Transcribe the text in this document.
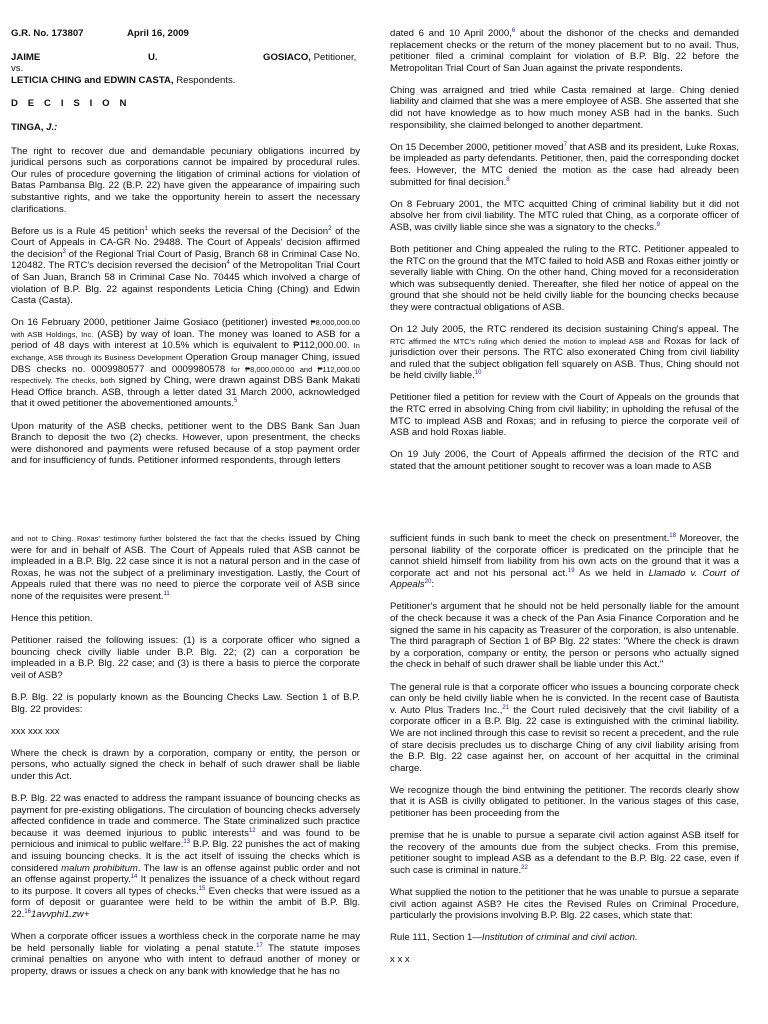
G.R. No. 173807	April 16, 2009
JAIME	U.	GOSIACO, Petitioner,
vs.
LETICIA CHING and EDWIN CASTA, Respondents.
D E C I S I O N
TINGA, J.:

The right to recover due and demandable pecuniary obligations incurred by juridical persons such as corporations cannot be impaired by procedural rules. Our rules of procedure governing the litigation of criminal actions for violation of Batas Pambansa Blg. 22 (B.P. 22) have given the appearance of impairing such substantive rights, and we take the opportunity herein to assert the necessary clarifications.

Before us is a Rule 45 petition$^1$ which seeks the reversal of the Decision$^2$ of the Court of Appeals in CA-GR No. 29488. The Court of Appeals' decision affirmed the decision$^3$ of the Regional Trial Court of Pasig, Branch 68 in Criminal Case No. 120482. The RTC's decision reversed the decision$^4$ of the Metropolitan Trial Court of San Juan, Branch 58 in Criminal Case No. 70445 which involved a charge of violation of B.P. Blg. 22 against respondents Leticia Ching (Ching) and Edwin Casta (Casta).

On 16 February 2000, petitioner Jaime Gosiaco (petitioner) invested ₱8,000,000.00 with ASB Holdings, Inc. (ASB) by way of loan. The money was loaned to ASB for a period of 48 days with interest at 10.5% which is equivalent to ₱112,000.00. In exchange, ASB through its Business Development Operation Group manager Ching, issued DBS checks no. 0009980577 and 0009980578 for ₱8,000,000.00 and ₱112,000.00 respectively. The checks, both signed by Ching, were drawn against DBS Bank Makati Head Office branch. ASB, through a letter dated 31 March 2000, acknowledged that it owed petitioner the abovementioned amounts.$^5$

Upon maturity of the ASB checks, petitioner went to the DBS Bank San Juan Branch to deposit the two (2) checks. However, upon presentment, the checks were dishonored and payments were refused because of a stop payment order and for insufficiency of funds. Petitioner informed respondents, through letters

dated 6 and 10 April 2000,$^6$ about the dishonor of the checks and demanded replacement checks or the return of the money placement but to no avail. Thus, petitioner filed a criminal complaint for violation of B.P. Blg. 22 before the Metropolitan Trial Court of San Juan against the private respondents.

Ching was arraigned and tried while Casta remained at large. Ching denied liability and claimed that she was a mere employee of ASB. She asserted that she did not have knowledge as to how much money ASB had in the banks. Such responsibility, she claimed belonged to another department.

On 15 December 2000, petitioner moved$^7$ that ASB and its president, Luke Roxas, be impleaded as party defendants. Petitioner, then, paid the corresponding docket fees. However, the MTC denied the motion as the case had already been submitted for final decision.$^8$

On 8 February 2001, the MTC acquitted Ching of criminal liability but it did not absolve her from civil liability. The MTC ruled that Ching, as a corporate officer of ASB, was civilly liable since she was a signatory to the checks.$^9$

Both petitioner and Ching appealed the ruling to the RTC. Petitioner appealed to the RTC on the ground that the MTC failed to hold ASB and Roxas either jointly or severally liable with Ching. On the other hand, Ching moved for a reconsideration which was subsequently denied. Thereafter, she filed her notice of appeal on the ground that she should not be held civilly liable for the bouncing checks because they were contractual obligations of ASB.

On 12 July 2005, the RTC rendered its decision sustaining Ching's appeal. The RTC affirmed the MTC's ruling which denied the motion to implead ASB and Roxas for lack of jurisdiction over their persons. The RTC also exonerated Ching from civil liability and ruled that the subject obligation fell squarely on ASB. Thus, Ching should not be held civilly liable.$^{10}$

Petitioner filed a petition for review with the Court of Appeals on the grounds that the RTC erred in absolving Ching from civil liability; in upholding the refusal of the MTC to implead ASB and Roxas; and in refusing to pierce the corporate veil of ASB and hold Roxas liable.

On 19 July 2006, the Court of Appeals affirmed the decision of the RTC and stated that the amount petitioner sought to recover was a loan made to ASB

and not to Ching. Roxas' testimony further bolstered the fact that the checks issued by Ching were for and in behalf of ASB. The Court of Appeals ruled that ASB cannot be impleaded in a B.P. Blg. 22 case since it is not a natural person and in the case of Roxas, he was not the subject of a preliminary investigation. Lastly, the Court of Appeals ruled that there was no need to pierce the corporate veil of ASB since none of the requisites were present.$^{11}$

Hence this petition.

Petitioner raised the following issues: (1) is a corporate officer who signed a bouncing check civilly liable under B.P. Blg. 22; (2) can a corporation be impleaded in a B.P. Blg. 22 case; and (3) is there a basis to pierce the corporate veil of ASB?

B.P. Blg. 22 is popularly known as the Bouncing Checks Law. Section 1 of B.P. Blg. 22 provides:

xxx xxx xxx

Where the check is drawn by a corporation, company or entity, the person or persons, who actually signed the check in behalf of such drawer shall be liable under this Act.

B.P. Blg. 22 was enacted to address the rampant issuance of bouncing checks as payment for pre-existing obligations. The circulation of bouncing checks adversely affected confidence in trade and commerce. The State criminalized such practice because it was deemed injurious to public interests$^{12}$ and was found to be pernicious and inimical to public welfare.$^{13}$ B.P. Blg. 22 punishes the act of making and issuing bouncing checks. It is the act itself of issuing the checks which is considered malum prohibitum. The law is an offense against public order and not an offense against property.$^{14}$ It penalizes the issuance of a check without regard to its purpose. It covers all types of checks.$^{15}$ Even checks that were issued as a form of deposit or guarantee were held to be within the ambit of B.P. Blg. 22.161avvphi1.zw+

When a corporate officer issues a worthless check in the corporate name he may be held personally liable for violating a penal statute.$^{17}$ The statute imposes criminal penalties on anyone who with intent to defraud another of money or property, draws or issues a check on any bank with knowledge that he has no

sufficient funds in such bank to meet the check on presentment.$^{18}$ Moreover, the personal liability of the corporate officer is predicated on the principle that he cannot shield himself from liability from his own acts on the ground that it was a corporate act and not his personal act.$^{19}$ As we held in Llamado v. Court of Appeals$^{20}$:

Petitioner's argument that he should not be held personally liable for the amount of the check because it was a check of the Pan Asia Finance Corporation and he signed the same in his capacity as Treasurer of the corporation, is also untenable. The third paragraph of Section 1 of BP Blg. 22 states: "Where the check is drawn by a corporation, company or entity, the person or persons who actually signed the check in behalf of such drawer shall be liable under this Act."

The general rule is that a corporate officer who issues a bouncing corporate check can only be held civilly liable when he is convicted. In the recent case of Bautista v. Auto Plus Traders Inc.,$^{21}$ the Court ruled decisively that the civil liability of a corporate officer in a B.P. Blg. 22 case is extinguished with the criminal liability. We are not inclined through this case to revisit so recent a precedent, and the rule of stare decisis precludes us to discharge Ching of any civil liability arising from the B.P. Blg. 22 case against her, on account of her acquittal in the criminal charge.

We recognize though the bind entwining the petitioner. The records clearly show that it is ASB is civilly obligated to petitioner. In the various stages of this case, petitioner has been proceeding from the

premise that he is unable to pursue a separate civil action against ASB itself for the recovery of the amounts due from the subject checks. From this premise, petitioner sought to implead ASB as a defendant to the B.P. Blg. 22 case, even if such case is criminal in nature.$^{22}$

What supplied the notion to the petitioner that he was unable to pursue a separate civil action against ASB? He cites the Revised Rules on Criminal Procedure, particularly the provisions involving B.P. Blg. 22 cases, which state that:

Rule 111, Section 1—Institution of criminal and civil action.

x x x
